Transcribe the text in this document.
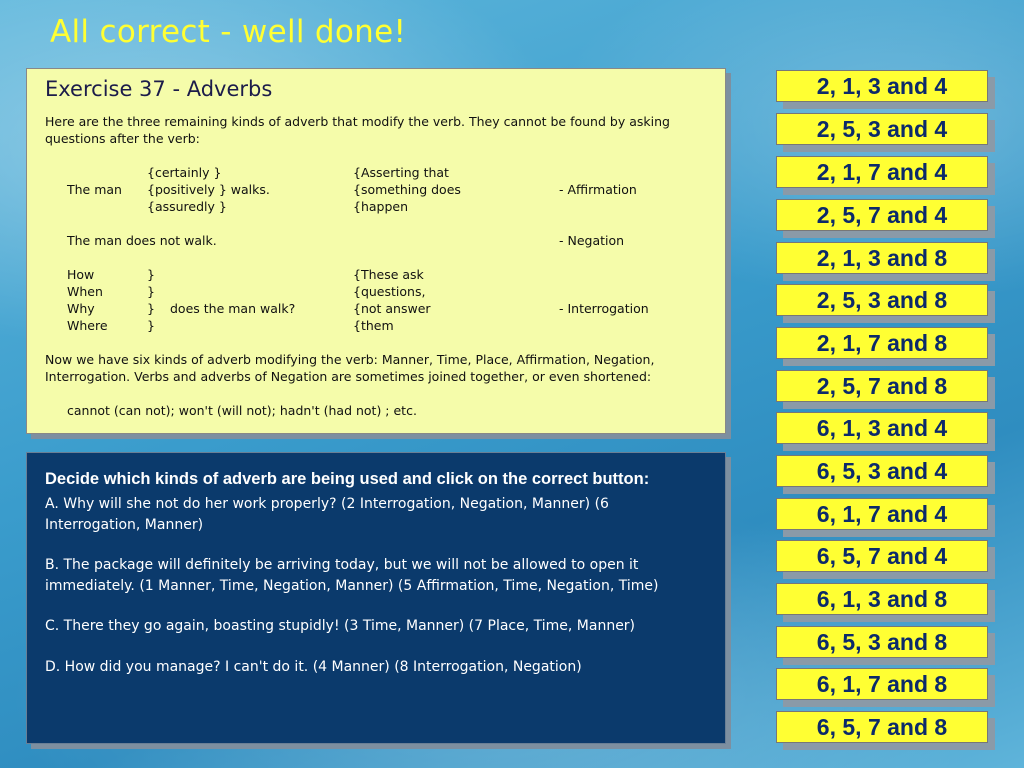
All correct - well done!
Exercise 37 - Adverbs
Here are the three remaining kinds of adverb that modify the verb. They cannot be found by asking questions after the verb:
{certainly }	{Asserting that
The man {positively } walks.	{something does	- Affirmation
{assuredly }	{happen
The man does not walk.	- Negation
How	}	{These ask
When	}	{questions,
Why	} does the man walk?	{not answer	- Interrogation
Where	}	{them
Now we have six kinds of adverb modifying the verb: Manner, Time, Place, Affirmation, Negation, Interrogation. Verbs and adverbs of Negation are sometimes joined together, or even shortened:
cannot (can not); won't (will not); hadn't (had not) ; etc.
Decide which kinds of adverb are being used and click on the correct button:
A. Why will she not do her work properly? (2 Interrogation, Negation, Manner) (6 Interrogation, Manner)
B. The package will definitely be arriving today, but we will not be allowed to open it immediately. (1 Manner, Time, Negation, Manner) (5 Affirmation, Time, Negation, Time)
C. There they go again, boasting stupidly! (3 Time, Manner) (7 Place, Time, Manner)
D. How did you manage? I can't do it. (4 Manner) (8 Interrogation, Negation)
2, 1, 3 and 4
2, 5, 3 and 4
2, 1, 7 and 4
2, 5, 7 and 4
2, 1, 3 and 8
2, 5, 3 and 8
2, 1, 7 and 8
2, 5, 7 and 8
6, 1, 3 and 4
6, 5, 3 and 4
6, 1, 7 and 4
6, 5, 7 and 4
6, 1, 3 and 8
6, 5, 3 and 8
6, 1, 7 and 8
6, 5, 7 and 8
